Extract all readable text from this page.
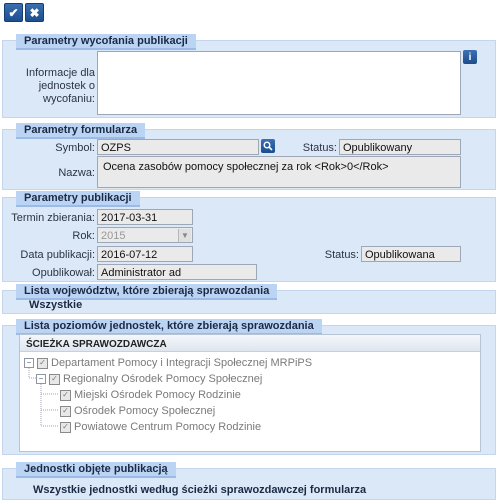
✔ ✖
Parametry wycofania publikacji
Informacje dla jednostek o wycofaniu:
i
Parametry formularza
Symbol: OZPS	Status: Opublikowany
Nazwa: Ocena zasobów pomocy społecznej za rok <Rok>0</Rok>
Parametry publikacji
Termin zbierania: 2017-03-31
Rok: 2015	▼
Data publikacji: 2016-07-12	Status: Opublikowana
Opublikował: Administrator ad
Lista województw, które zbierają sprawozdania
Wszystkie
Lista poziomów jednostek, które zbierają sprawozdania
ŚCIEŻKA SPRAWOZDAWCZA
− ✓ Departament Pomocy i Integracji Społecznej MRPiPS
− ✓ Regionalny Ośrodek Pomocy Społecznej
✓ Miejski Ośrodek Pomocy Rodzinie
✓ Ośrodek Pomocy Społecznej
✓ Powiatowe Centrum Pomocy Rodzinie
Jednostki objęte publikacją
Wszystkie jednostki według ścieżki sprawozdawczej formularza
